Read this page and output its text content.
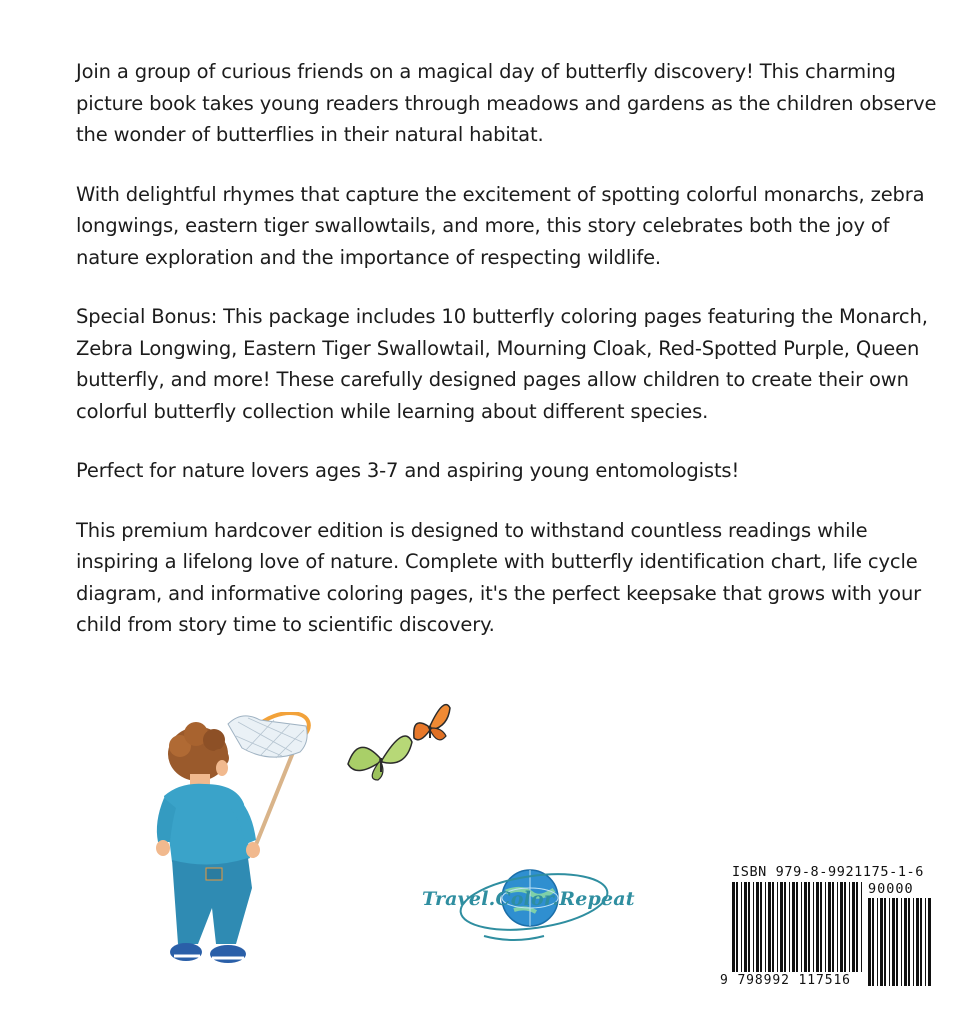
Join a group of curious friends on a magical day of butterfly discovery! This charming picture book takes young readers through meadows and gardens as the children observe the wonder of butterflies in their natural habitat.

With delightful rhymes that capture the excitement of spotting colorful monarchs, zebra longwings, eastern tiger swallowtails, and more, this story celebrates both the joy of nature exploration and the importance of respecting wildlife.

Special Bonus: This package includes 10 butterfly coloring pages featuring the Monarch, Zebra Longwing, Eastern Tiger Swallowtail, Mourning Cloak, Red-Spotted Purple, Queen butterfly, and more! These carefully designed pages allow children to create their own colorful butterfly collection while learning about different species.

Perfect for nature lovers ages 3-7 and aspiring young entomologists!

This premium hardcover edition is designed to withstand countless readings while inspiring a lifelong love of nature. Complete with butterfly identification chart, life cycle diagram, and informative coloring pages, it's the perfect keepsake that grows with your child from story time to scientific discovery.

Travel.Color.Repeat
ISBN 979-8-9921175-1-6
90000
9 798992 117516
